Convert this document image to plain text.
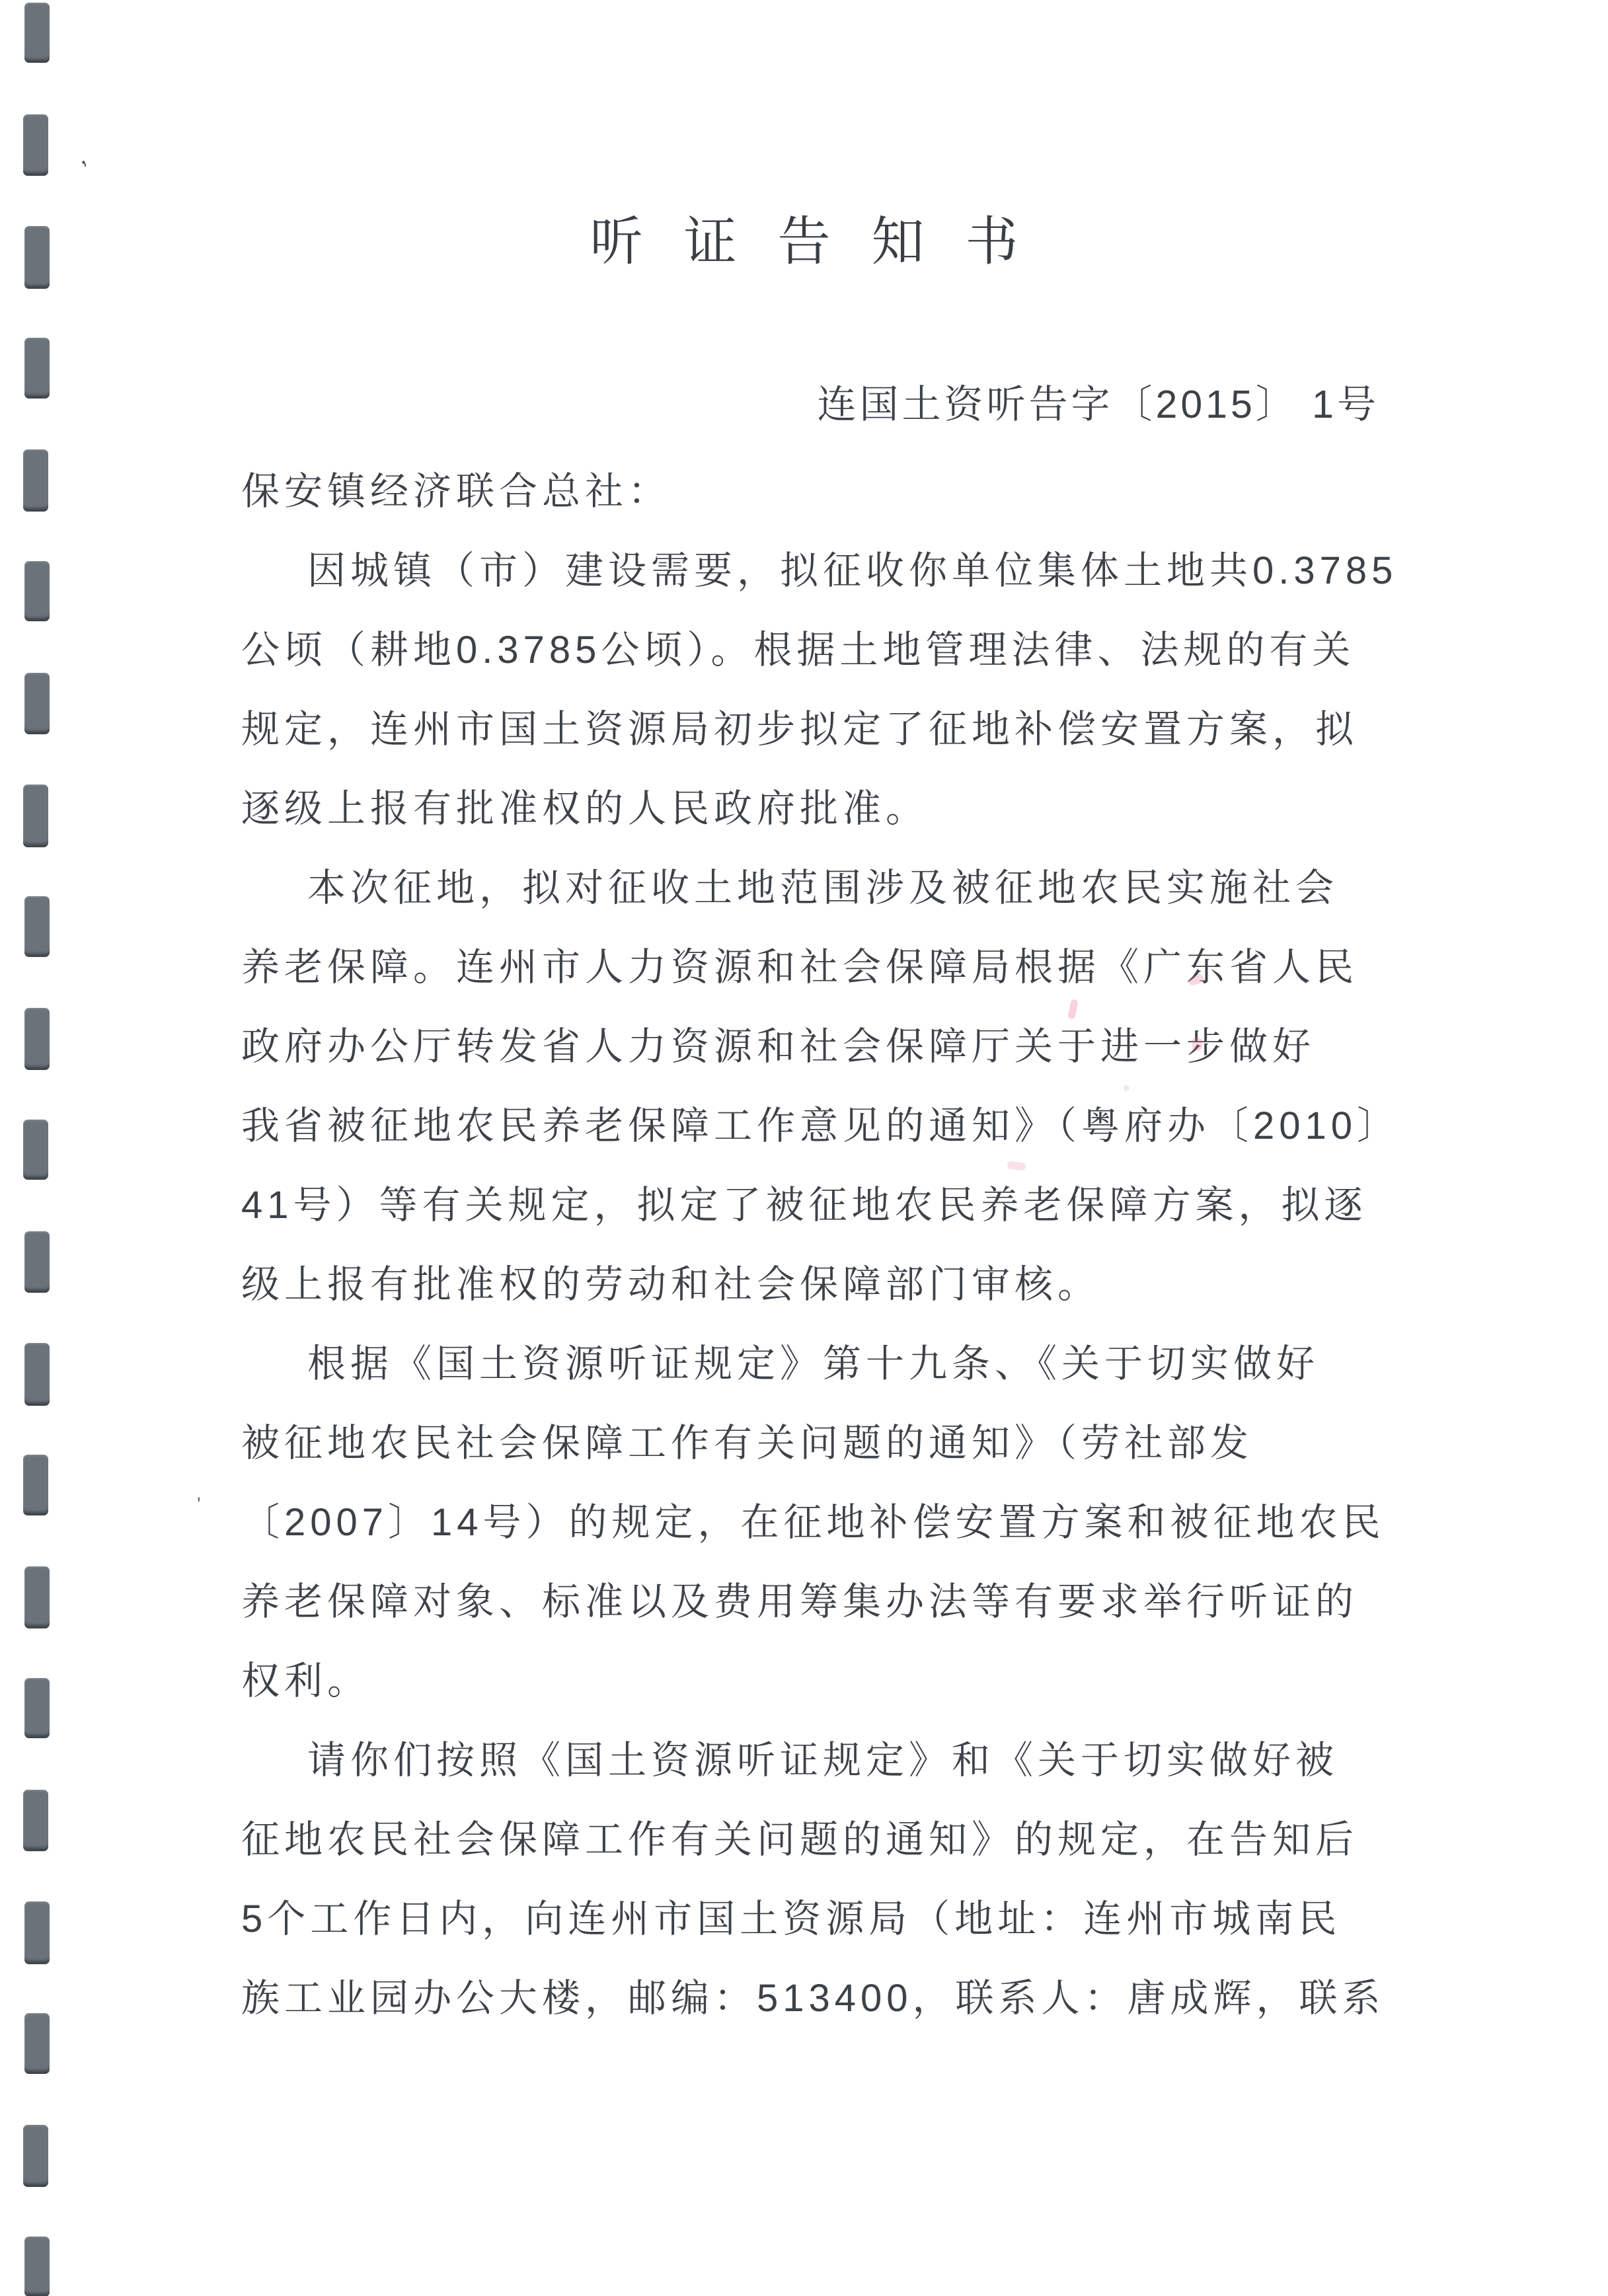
听证告知书
连国土资听告字〔2015〕 1号
保安镇经济联合总社：
因城镇（市）建设需要，拟征收你单位集体土地共0.3785
公顷（耕地0.3785公顷）。根据土地管理法律、法规的有关
规定，连州市国土资源局初步拟定了征地补偿安置方案，拟
逐级上报有批准权的人民政府批准。
本次征地，拟对征收土地范围涉及被征地农民实施社会
养老保障。连州市人力资源和社会保障局根据《广东省人民
政府办公厅转发省人力资源和社会保障厅关于进一步做好
我省被征地农民养老保障工作意见的通知》（粤府办〔2010〕
41号）等有关规定，拟定了被征地农民养老保障方案，拟逐
级上报有批准权的劳动和社会保障部门审核。
根据《国土资源听证规定》第十九条、《关于切实做好
被征地农民社会保障工作有关问题的通知》（劳社部发
〔2007〕14号）的规定，在征地补偿安置方案和被征地农民
养老保障对象、标准以及费用筹集办法等有要求举行听证的
权利。
请你们按照《国土资源听证规定》和《关于切实做好被
征地农民社会保障工作有关问题的通知》的规定，在告知后
5个工作日内，向连州市国土资源局（地址：连州市城南民
族工业园办公大楼，邮编：513400，联系人：唐成辉，联系
,
'
